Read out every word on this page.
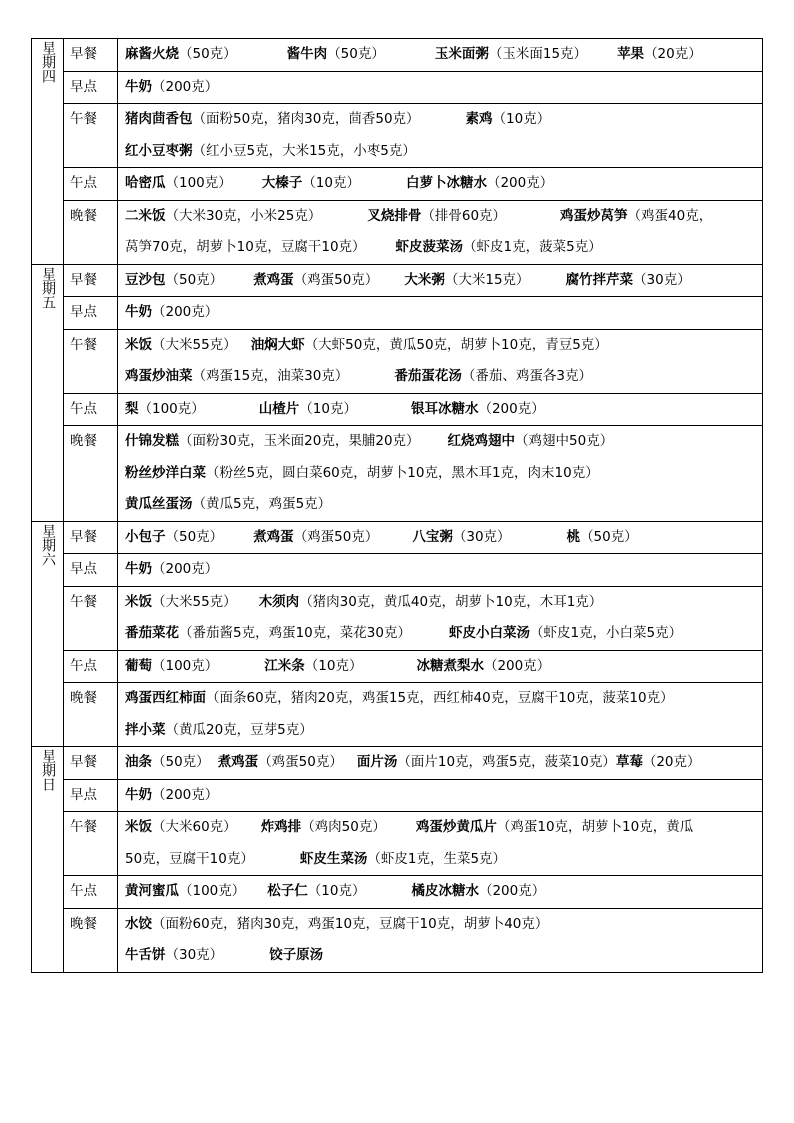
星期四	早餐	麻酱火烧（50克） 酱牛肉（50克） 玉米面粥（玉米面15克） 苹果（20克）

	早点	牛奶（200克）

	午餐	猪肉茴香包（面粉50克，猪肉30克，茴香50克） 素鸡（10克）
红小豆枣粥（红小豆5克，大米15克，小枣5克）

	午点	哈密瓜（100克） 大榛子（10克） 白萝卜冰糖水（200克）

	晚餐	二米饭（大米30克，小米25克） 叉烧排骨（排骨60克） 鸡蛋炒莴笋（鸡蛋40克，
莴笋70克，胡萝卜10克，豆腐干10克） 虾皮菠菜汤（虾皮1克，菠菜5克）

星期五	早餐	豆沙包（50克） 煮鸡蛋（鸡蛋50克） 大米粥（大米15克） 腐竹拌芹菜（30克）

	早点	牛奶（200克）

	午餐	米饭（大米55克） 油焖大虾（大虾50克，黄瓜50克，胡萝卜10克，青豆5克）
鸡蛋炒油菜（鸡蛋15克，油菜30克） 番茄蛋花汤（番茄、鸡蛋各3克）

	午点	梨（100克） 山楂片（10克） 银耳冰糖水（200克）

	晚餐	什锦发糕（面粉30克，玉米面20克，果脯20克） 红烧鸡翅中（鸡翅中50克）
粉丝炒洋白菜（粉丝5克，圆白菜60克，胡萝卜10克，黑木耳1克，肉末10克）
黄瓜丝蛋汤（黄瓜5克，鸡蛋5克）

星期六	早餐	小包子（50克） 煮鸡蛋（鸡蛋50克） 八宝粥（30克） 桃（50克）

	早点	牛奶（200克）

	午餐	米饭（大米55克） 木须肉（猪肉30克，黄瓜40克，胡萝卜10克，木耳1克）
番茄菜花（番茄酱5克，鸡蛋10克，菜花30克） 虾皮小白菜汤（虾皮1克，小白菜5克）

	午点	葡萄（100克） 江米条（10克） 冰糖煮梨水（200克）

	晚餐	鸡蛋西红柿面（面条60克，猪肉20克，鸡蛋15克，西红柿40克，豆腐干10克，菠菜10克）
拌小菜（黄瓜20克，豆芽5克）

星期日	早餐	油条（50克） 煮鸡蛋（鸡蛋50克） 面片汤（面片10克，鸡蛋5克，菠菜10克）草莓（20克）

	早点	牛奶（200克）

	午餐	米饭（大米60克） 炸鸡排（鸡肉50克） 鸡蛋炒黄瓜片（鸡蛋10克，胡萝卜10克，黄瓜
50克，豆腐干10克） 虾皮生菜汤（虾皮1克，生菜5克）

	午点	黄河蜜瓜（100克） 松子仁（10克） 橘皮冰糖水（200克）

	晚餐	水饺（面粉60克，猪肉30克，鸡蛋10克，豆腐干10克，胡萝卜40克）
牛舌饼（30克） 饺子原汤
